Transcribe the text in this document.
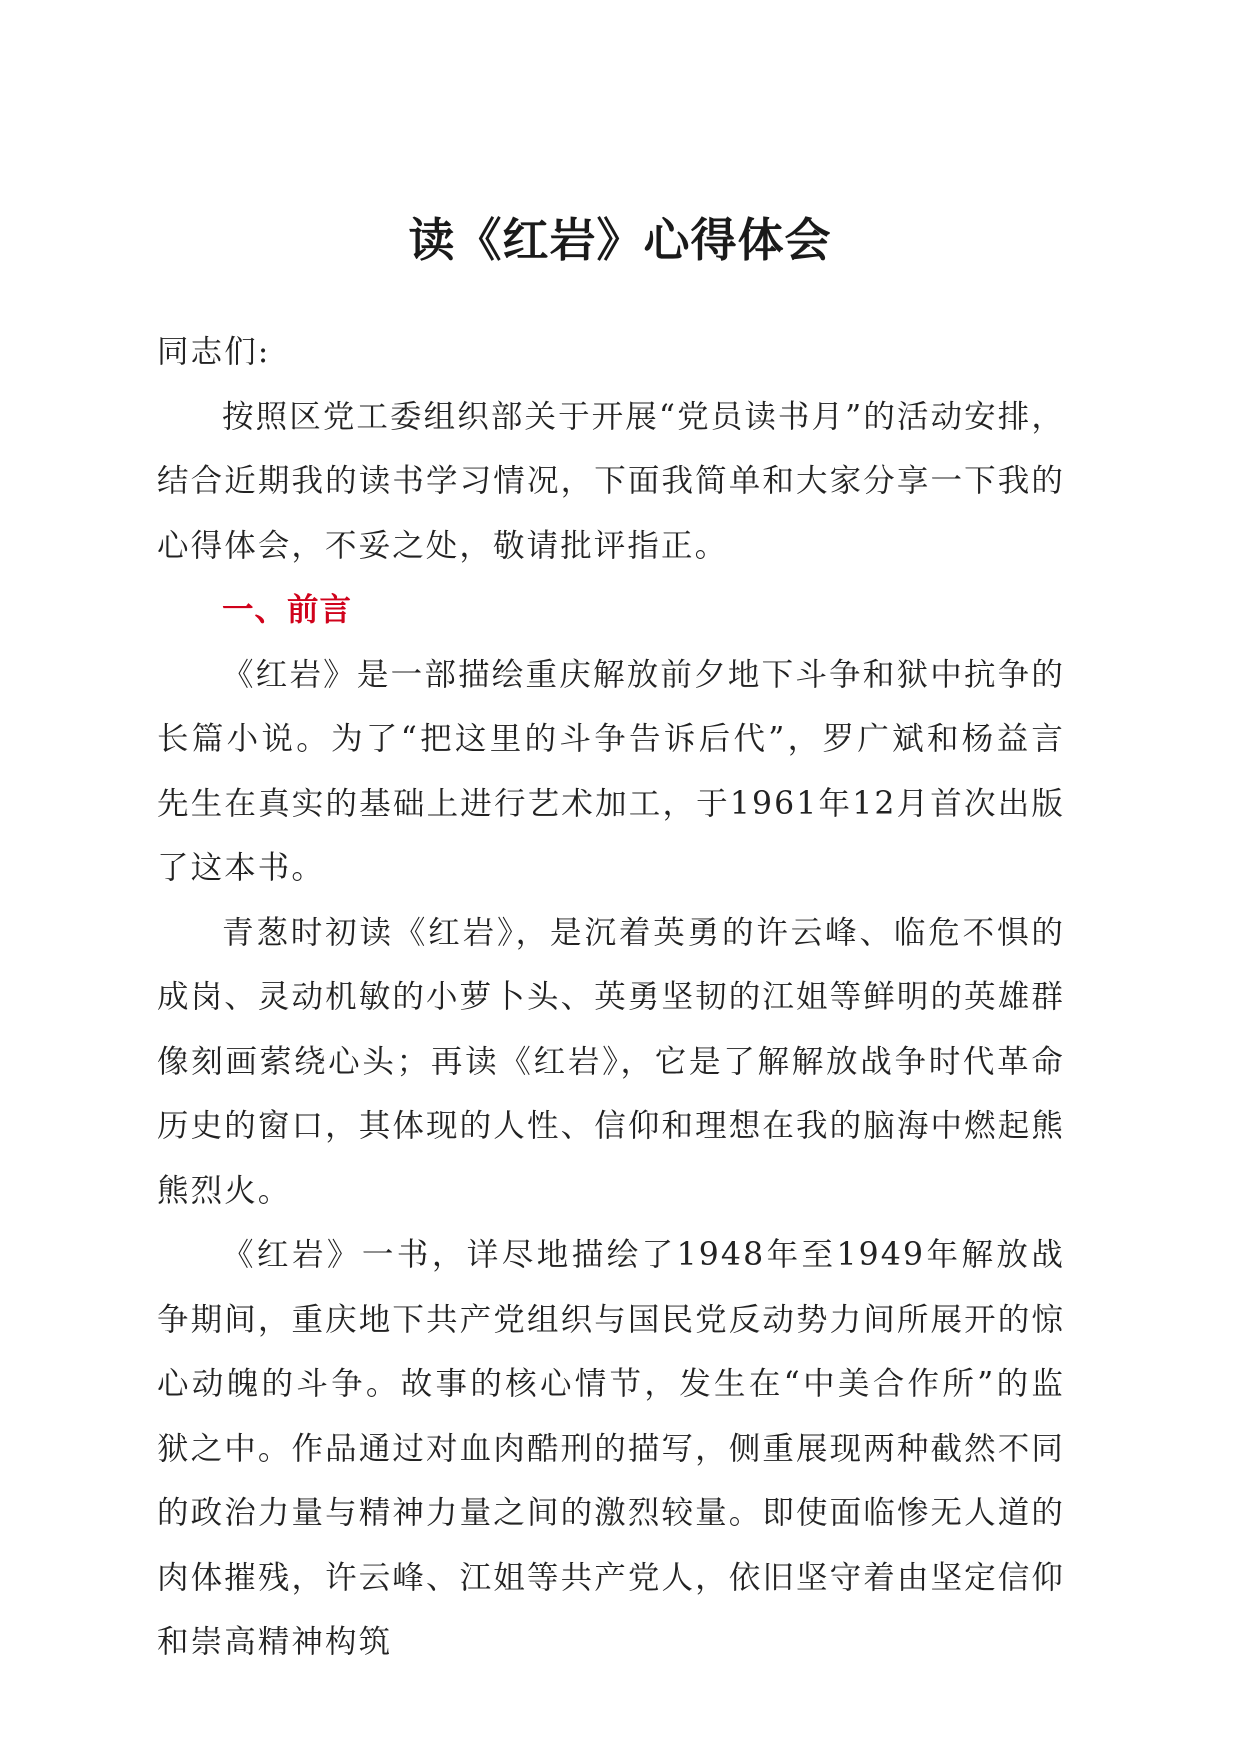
读《红岩》心得体会

同志们:

按照区党工委组织部关于开展“党员读书月”的活动安排，结合近期我的读书学习情况，下面我简单和大家分享一下我的心得体会，不妥之处，敬请批评指正。

一、前言

《红岩》是一部描绘重庆解放前夕地下斗争和狱中抗争的长篇小说。为了“把这里的斗争告诉后代”，罗广斌和杨益言先生在真实的基础上进行艺术加工，于1961年12月首次出版了这本书。

青葱时初读《红岩》，是沉着英勇的许云峰、临危不惧的成岗、灵动机敏的小萝卜头、英勇坚韧的江姐等鲜明的英雄群像刻画萦绕心头；再读《红岩》，它是了解解放战争时代革命历史的窗口，其体现的人性、信仰和理想在我的脑海中燃起熊熊烈火。

《红岩》一书，详尽地描绘了1948年至1949年解放战争期间，重庆地下共产党组织与国民党反动势力间所展开的惊心动魄的斗争。故事的核心情节，发生在“中美合作所”的监狱之中。作品通过对血肉酷刑的描写，侧重展现两种截然不同的政治力量与精神力量之间的激烈较量。即使面临惨无人道的肉体摧残，许云峰、江姐等共产党人，依旧坚守着由坚定信仰和崇高精神构筑
